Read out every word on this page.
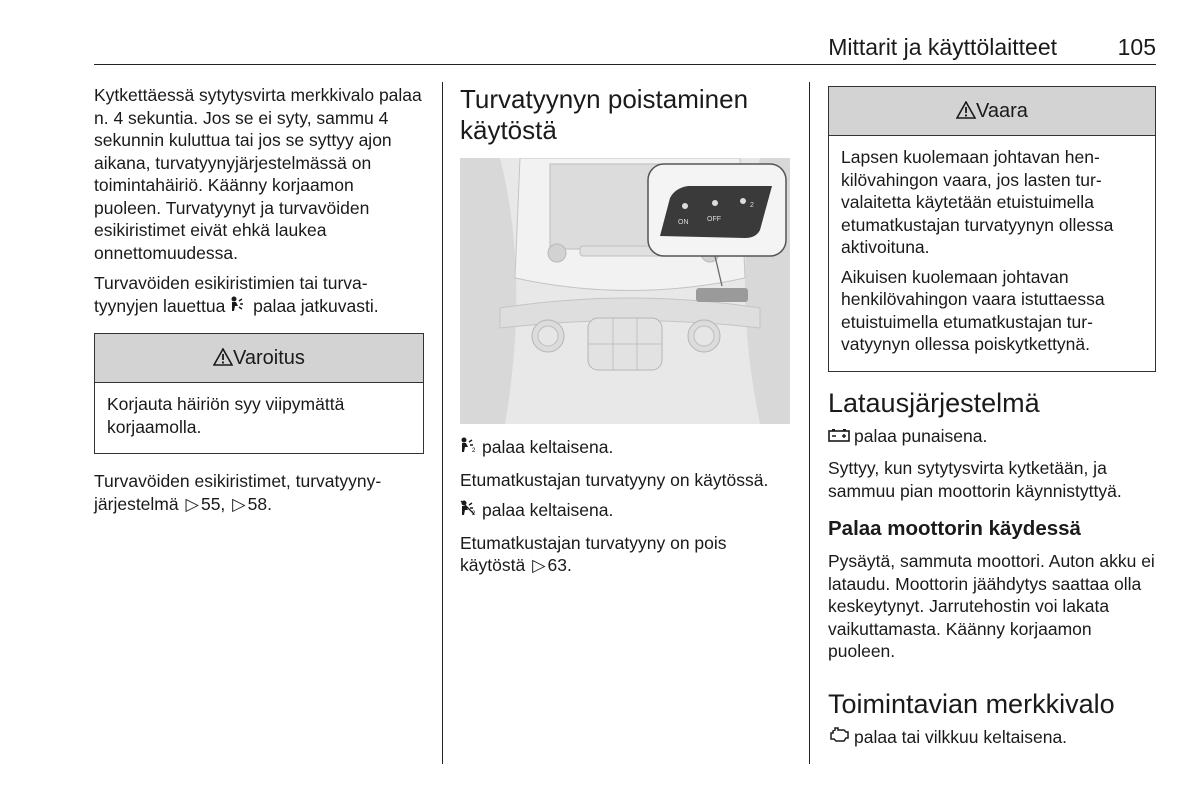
Mittarit ja käyttölaitteet	105

Kytkettäessä sytytysvirta merkkivalo palaa n. 4 sekuntia. Jos se ei syty, sammu 4 sekunnin kuluttua tai jos se syttyy ajon aikana, turvatyynyjärjestelmässä on toimintahäiriö. Käänny korjaamon puoleen. Turvatyynyt ja turvavöiden esikiristimet eivät ehkä laukea onnettomuudessa.

Turvavöiden esikiristimien tai turvatyynyjen lauettua palaa jatkuvasti.

Varoitus

Korjauta häiriön syy viipymättä korjaamolla.

Turvavöiden esikiristimet, turvatyynyjärjestelmä ▷ 55, ▷ 58.

Turvatyynyn poistaminen käytöstä
ON	OFF
2

2 palaa keltaisena.

Etumatkustajan turvatyyny on käytössä.

2 palaa keltaisena.

Etumatkustajan turvatyyny on pois käytöstä ▷ 63.

Vaara

Lapsen kuolemaan johtavan henkilövahingon vaara, jos lasten turvalaitetta käytetään etuistuimella etumatkustajan turvatyynyn ollessa aktivoituna.

Aikuisen kuolemaan johtavan henkilövahingon vaara istuttaessa etuistuimella etumatkustajan turvatyynyn ollessa poiskytkettynä.

Latausjärjestelmä

palaa punaisena.

Syttyy, kun sytytysvirta kytketään, ja sammuu pian moottorin käynnistyttyä.

Palaa moottorin käydessä

Pysäytä, sammuta moottori. Auton akku ei lataudu. Moottorin jäähdytys saattaa olla keskeytynyt. Jarrutehostin voi lakata vaikuttamasta. Käänny korjaamon puoleen.

Toimintavian merkkivalo

palaa tai vilkkuu keltaisena.
